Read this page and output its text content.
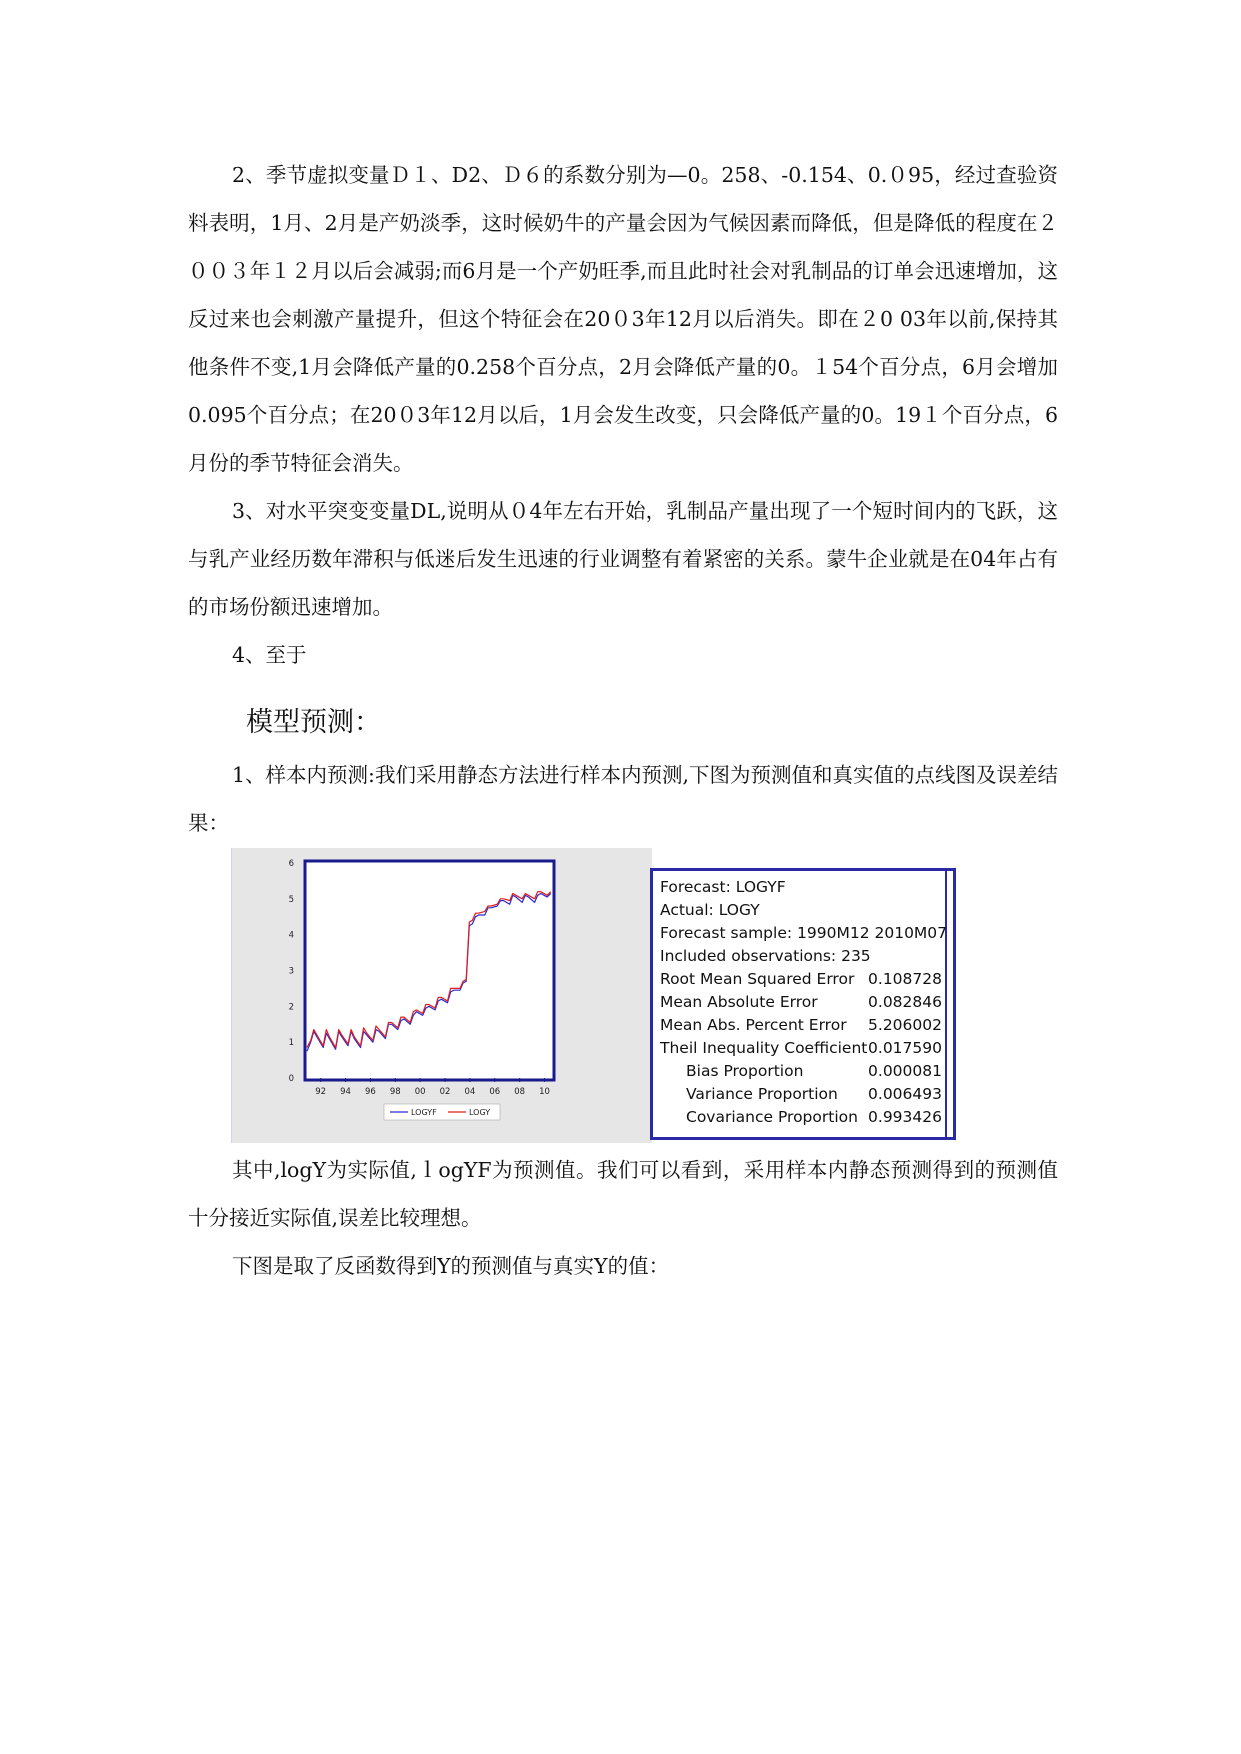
2、季节虚拟变量Ｄ１、D2、Ｄ６的系数分别为—0。258、-0.154、0.０95，经过查验资料表明，1月、2月是产奶淡季，这时候奶牛的产量会因为气候因素而降低，但是降低的程度在２００３年１２月以后会减弱;而6月是一个产奶旺季,而且此时社会对乳制品的订单会迅速增加，这反过来也会刺激产量提升，但这个特征会在20０3年12月以后消失。即在２0 03年以前,保持其他条件不变,1月会降低产量的0.258个百分点，2月会降低产量的0。１54个百分点，6月会增加0.095个百分点；在20０3年12月以后，1月会发生改变，只会降低产量的0。19１个百分点，6月份的季节特征会消失。

3、对水平突变变量DL,说明从０4年左右开始，乳制品产量出现了一个短时间内的飞跃，这与乳产业经历数年滞积与低迷后发生迅速的行业调整有着紧密的关系。蒙牛企业就是在04年占有的市场份额迅速增加。

4、至于

模型预测：

1、样本内预测:我们采用静态方法进行样本内预测,下图为预测值和真实值的点线图及误差结果：

0
1
2
3
4
5
6
92 94 96 98 00 02 04 06 08 10
LOGYF	LOGY
Forecast: LOGYF
Actual: LOGY
Forecast sample: 1990M12 2010M07
Included observations: 235
Root Mean Squared Error 0.108728
Mean Absolute Error	0.082846
Mean Abs. Percent Error 5.206002
Theil Inequality Coefficient 0.017590
Bias Proportion	0.000081
Variance Proportion 0.006493
Covariance Proportion 0.993426

其中,logY为实际值,ｌogYF为预测值。我们可以看到，采用样本内静态预测得到的预测值十分接近实际值,误差比较理想。

下图是取了反函数得到Y的预测值与真实Y的值：
